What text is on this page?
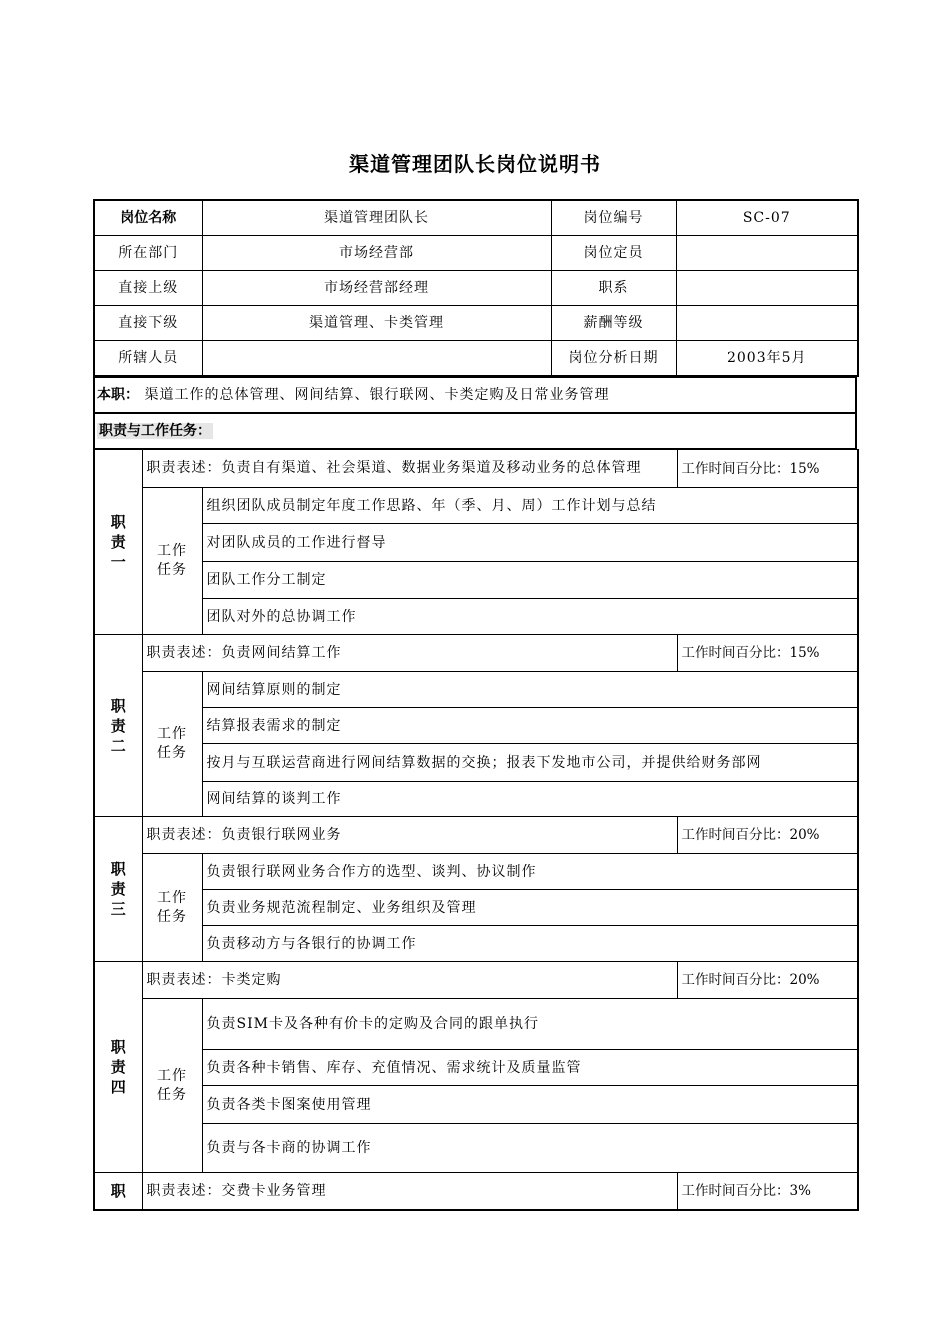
渠道管理团队长岗位说明书
岗位名称	渠道管理团队长	岗位编号	SC-07
所在部门	市场经营部	岗位定员	
直接上级	市场经营部经理	职系	
直接下级	渠道管理、卡类管理	薪酬等级	
所辖人员		岗位分析日期	2003年5月
本职： 渠道工作的总体管理、网间结算、银行联网、卡类定购及日常业务管理
职责与工作任务：
职
责
一	职责表述：负责自有渠道、社会渠道、数据业务渠道及移动业务的总体管理		工作时间百分比：15%

	工作
任务	组织团队成员制定年度工作思路、年（季、月、周）工作计划与总结	
		对团队成员的工作进行督导	
		团队工作分工制定	
		团队对外的总协调工作	

职
责
二	职责表述：负责网间结算工作		工作时间百分比：15%

	工作
任务	网间结算原则的制定	
		结算报表需求的制定	
		按月与互联运营商进行网间结算数据的交换；报表下发地市公司，并提供给财务部网	
		网间结算的谈判工作	

职
责
三	职责表述：负责银行联网业务		工作时间百分比：20%

	工作
任务	负责银行联网业务合作方的选型、谈判、协议制作	
		负责业务规范流程制定、业务组织及管理	
		负责移动方与各银行的协调工作	

职
责
四	职责表述：卡类定购		工作时间百分比：20%

	工作
任务	负责SIM卡及各种有价卡的定购及合同的跟单执行	
		负责各种卡销售、库存、充值情况、需求统计及质量监管	
		负责各类卡图案使用管理	
		负责与各卡商的协调工作	

职	职责表述：交费卡业务管理		工作时间百分比：3%
